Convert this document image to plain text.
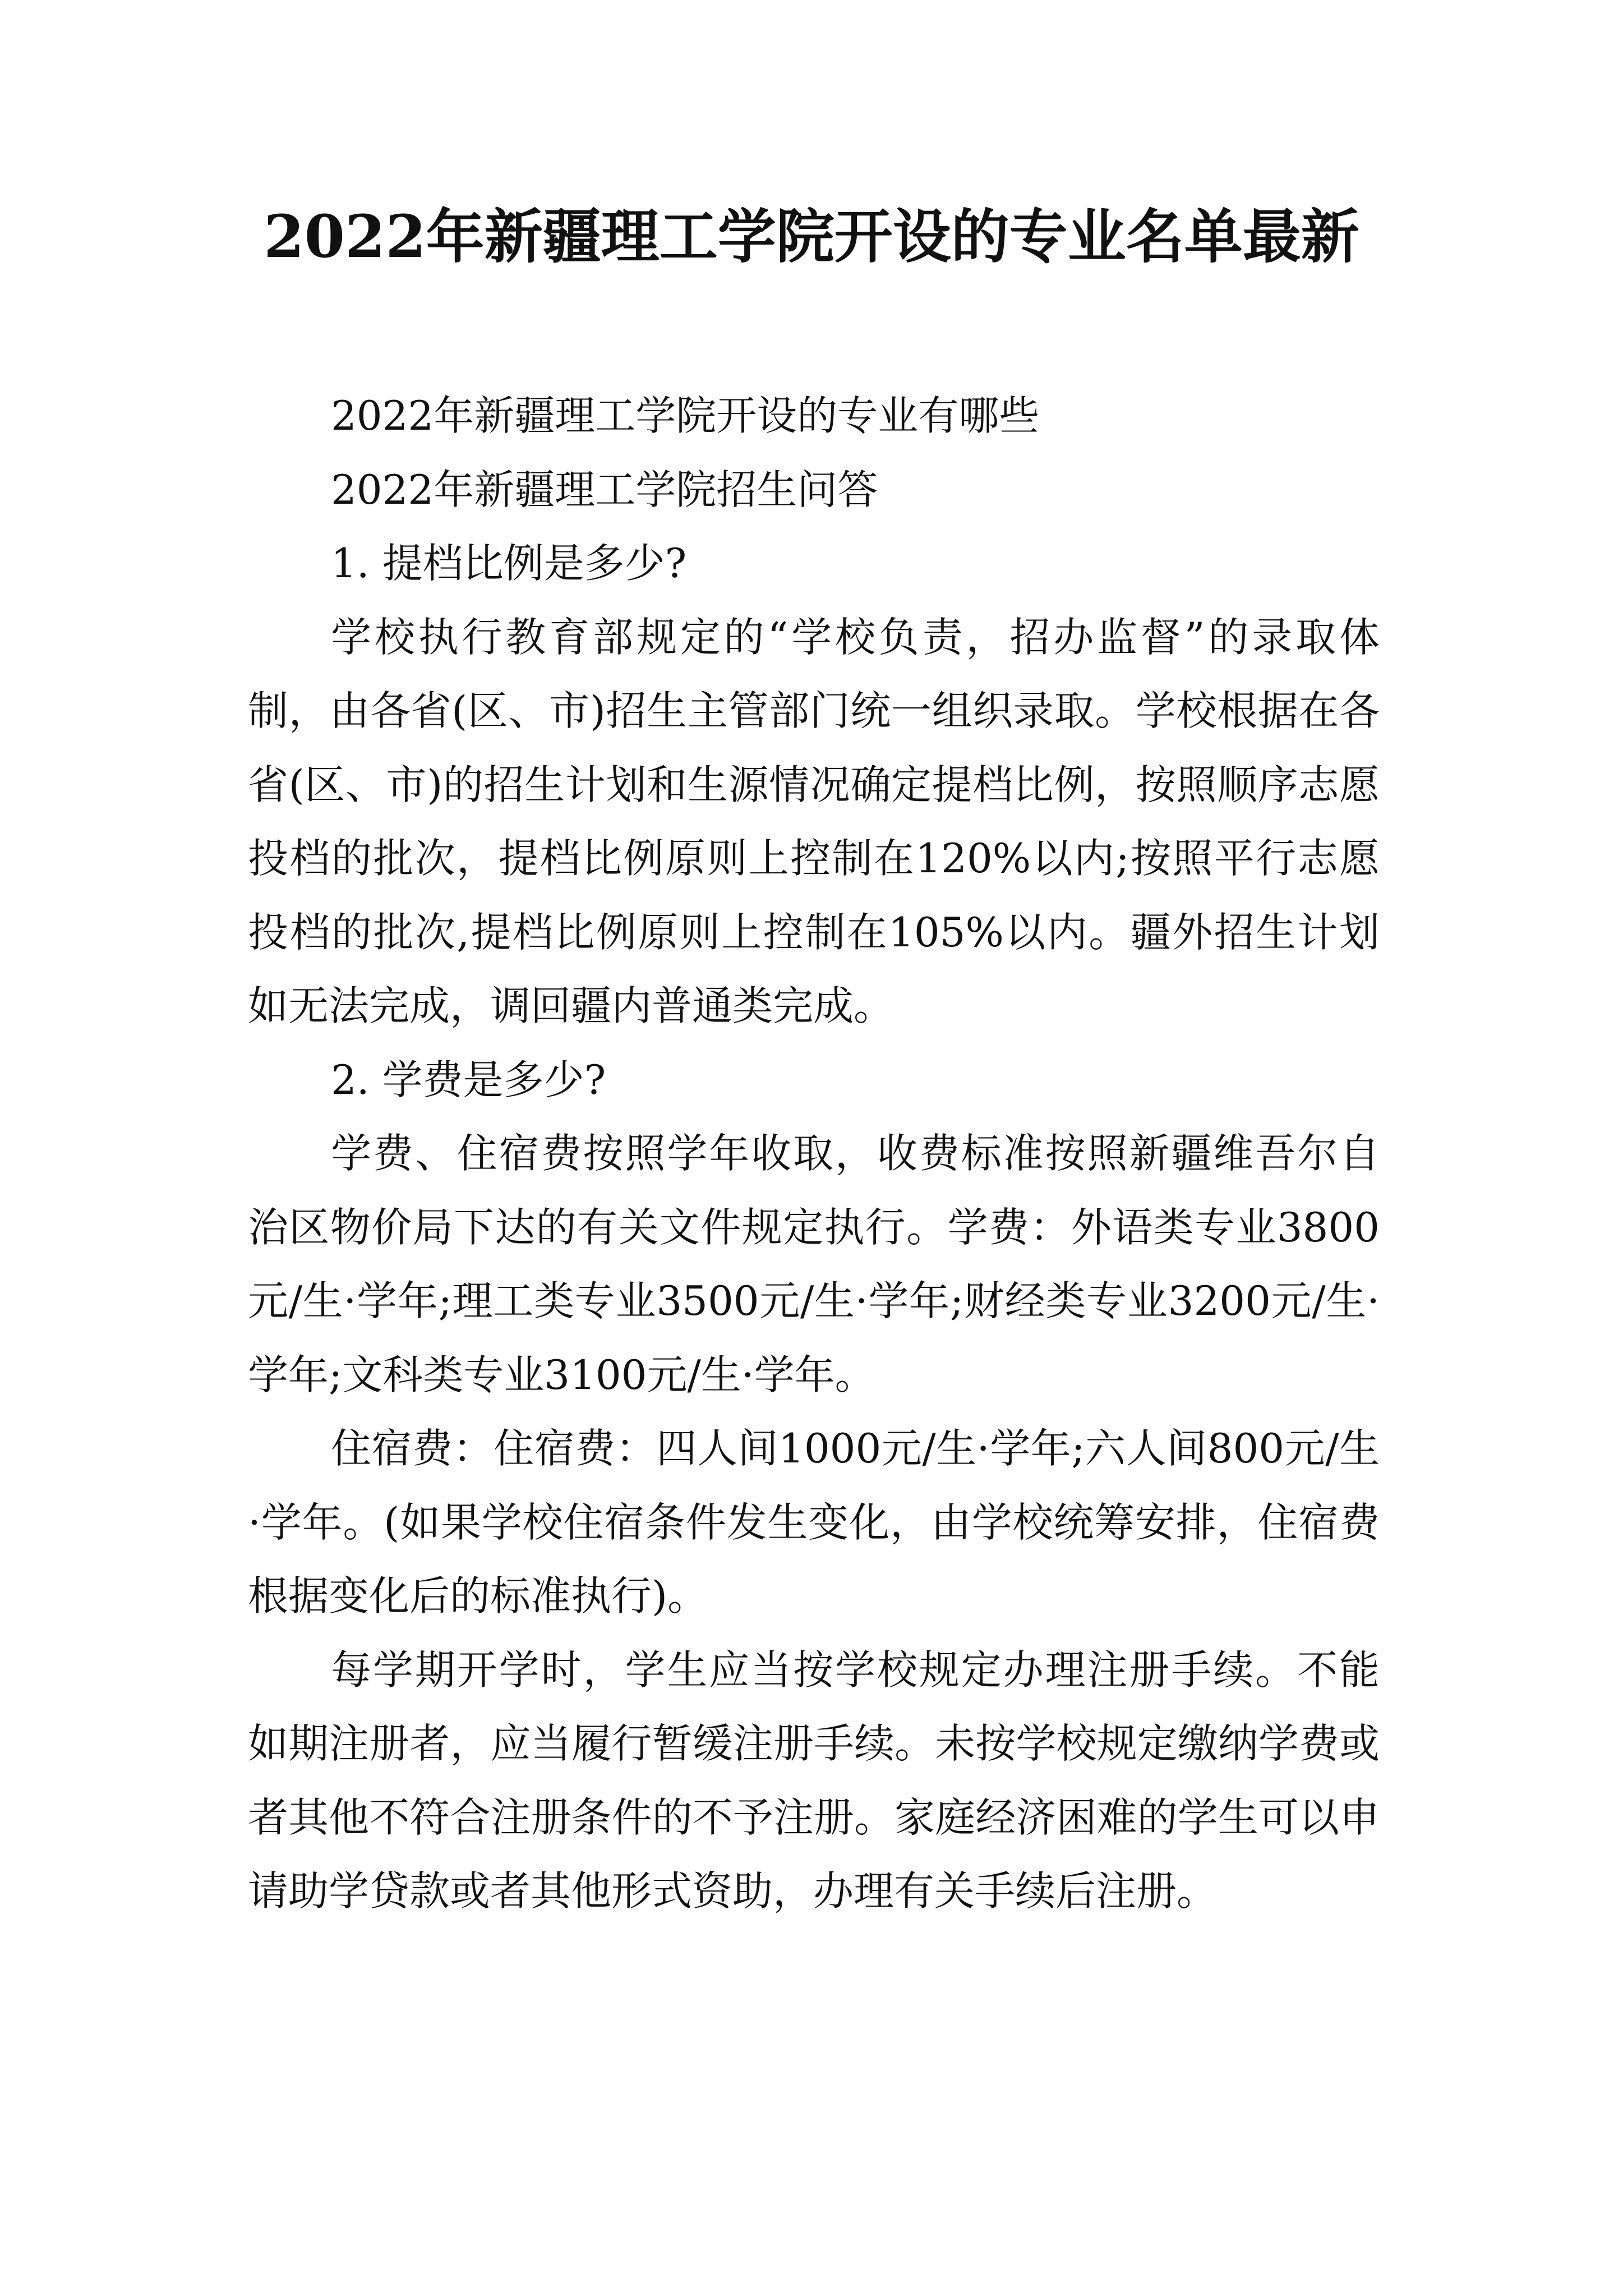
2022年新疆理工学院开设的专业名单最新

2022年新疆理工学院开设的专业有哪些

2022年新疆理工学院招生问答

1. 提档比例是多少?

学校执行教育部规定的“学校负责，招办监督”的录取体制，由各省(区、市)招生主管部门统一组织录取。学校根据在各省(区、市)的招生计划和生源情况确定提档比例，按照顺序志愿投档的批次，提档比例原则上控制在120%以内;按照平行志愿投档的批次,提档比例原则上控制在105%以内。疆外招生计划如无法完成，调回疆内普通类完成。

2. 学费是多少?

学费、住宿费按照学年收取，收费标准按照新疆维吾尔自治区物价局下达的有关文件规定执行。学费：外语类专业3800元/生·学年;理工类专业3500元/生·学年;财经类专业3200元/生·学年;文科类专业3100元/生·学年。

住宿费：住宿费：四人间1000元/生·学年;六人间800元/生·学年。(如果学校住宿条件发生变化，由学校统筹安排，住宿费根据变化后的标准执行)。

每学期开学时，学生应当按学校规定办理注册手续。不能如期注册者，应当履行暂缓注册手续。未按学校规定缴纳学费或者其他不符合注册条件的不予注册。家庭经济困难的学生可以申请助学贷款或者其他形式资助，办理有关手续后注册。
